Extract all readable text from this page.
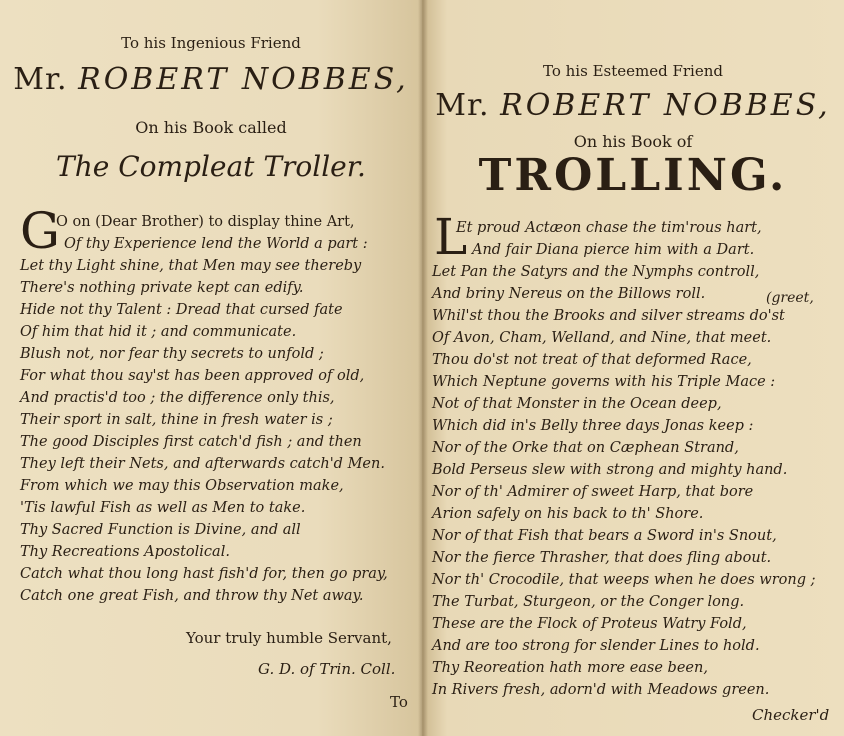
To his Ingenious Friend
Mr. ROBERT NOBBES,
On his Book called
The Compleat Troller.
G
O on (Dear Brother) to display thine Art,
Of thy Experience lend the World a part :
Let thy Light shine, that Men may see thereby
There's nothing private kept can edify.
Hide not thy Talent : Dread that cursed fate
Of him that hid it ; and communicate.
Blush not, nor fear thy secrets to unfold ;
For what thou say'st has been approved of old,
And practis'd too ; the difference only this,
Their sport in salt, thine in fresh water is ;
The good Disciples first catch'd fish ; and then
They left their Nets, and afterwards catch'd Men.
From which we may this Observation make,
'Tis lawful Fish as well as Men to take.
Thy Sacred Function is Divine, and all
Thy Recreations Apostolical.
Catch what thou long hast fish'd for, then go pray,
Catch one great Fish, and throw thy Net away.
Your truly humble Servant,
G. D. of Trin. Coll.
To
To his Esteemed Friend
Mr. ROBERT NOBBES,
On his Book of
TROLLING.
L
Et proud Actæon chase the tim'rous hart,
And fair Diana pierce him with a Dart.
Let Pan the Satyrs and the Nymphs controll,
And briny Nereus on the Billows roll.
Whil'st thou the Brooks and silver streams do'st
Of Avon, Cham, Welland, and Nine, that meet.
Thou do'st not treat of that deformed Race,
Which Neptune governs with his Triple Mace :
Not of that Monster in the Ocean deep,
Which did in's Belly three days Jonas keep :
Nor of the Orke that on Cæphean Strand,
Bold Perseus slew with strong and mighty hand.
Nor of th' Admirer of sweet Harp, that bore
Arion safely on his back to th' Shore.
Nor of that Fish that bears a Sword in's Snout,
Nor the fierce Thrasher, that does fling about.
Nor th' Crocodile, that weeps when he does wrong ;
The Turbat, Sturgeon, or the Conger long.
These are the Flock of Proteus Watry Fold,
And are too strong for slender Lines to hold.
Thy Reoreation hath more ease been,
In Rivers fresh, adorn'd with Meadows green.
(greet,
Checker'd
